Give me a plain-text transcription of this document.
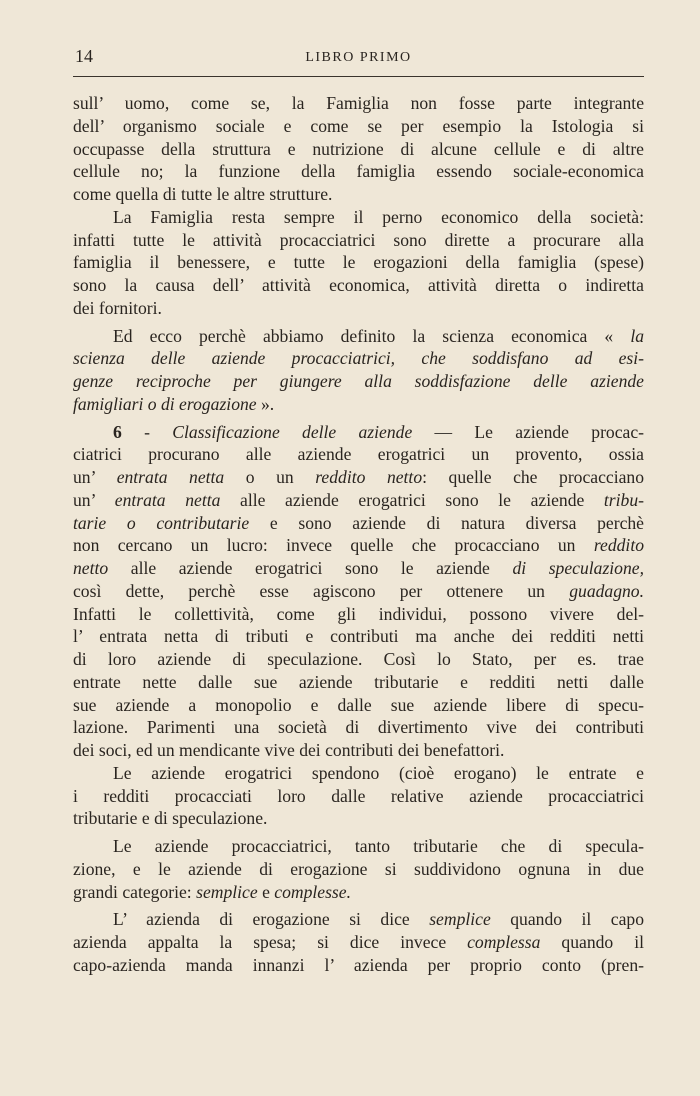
14	LIBRO PRIMO
sull’ uomo, come se, la Famiglia non fosse parte integrante
dell’ organismo sociale e come se per esempio la Istologia si
occupasse della struttura e nutrizione di alcune cellule e di altre
cellule no; la funzione della famiglia essendo sociale-economica
come quella di tutte le altre strutture.
La Famiglia resta sempre il perno economico della società:
infatti tutte le attività procacciatrici sono dirette a procurare alla
famiglia il benessere, e tutte le erogazioni della famiglia (spese)
sono la causa dell’ attività economica, attività diretta o indiretta
dei fornitori.
Ed ecco perchè abbiamo definito la scienza economica « la
scienza delle aziende procacciatrici, che soddisfano ad esi-
genze reciproche per giungere alla soddisfazione delle aziende
famigliari o di erogazione ».
6 - Classificazione delle aziende — Le aziende procac-
ciatrici procurano alle aziende erogatrici un provento, ossia
un’ entrata netta o un reddito netto: quelle che procacciano
un’ entrata netta alle aziende erogatrici sono le aziende tribu-
tarie o contributarie e sono aziende di natura diversa perchè
non cercano un lucro: invece quelle che procacciano un reddito
netto alle aziende erogatrici sono le aziende di speculazione,
così dette, perchè esse agiscono per ottenere un guadagno.
Infatti le collettività, come gli individui, possono vivere del-
l’ entrata netta di tributi e contributi ma anche dei redditi netti
di loro aziende di speculazione. Così lo Stato, per es. trae
entrate nette dalle sue aziende tributarie e redditi netti dalle
sue aziende a monopolio e dalle sue aziende libere di specu-
lazione. Parimenti una società di divertimento vive dei contributi
dei soci, ed un mendicante vive dei contributi dei benefattori.
Le aziende erogatrici spendono (cioè erogano) le entrate e
i redditi procacciati loro dalle relative aziende procacciatrici
tributarie e di speculazione.
Le aziende procacciatrici, tanto tributarie che di specula-
zione, e le aziende di erogazione si suddividono ognuna in due
grandi categorie: semplice e complesse.
L’ azienda di erogazione si dice semplice quando il capo
azienda appalta la spesa; si dice invece complessa quando il
capo-azienda manda innanzi l’ azienda per proprio conto (pren-
